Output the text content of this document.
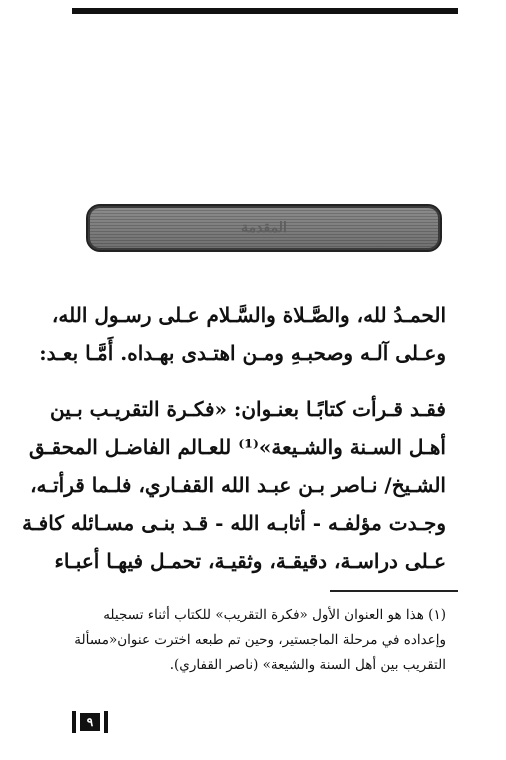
المقدمة
الحمـدُ لله، والصَّـلاة والسَّـلام عـلى رسـول الله،
وعـلى آلـه وصحبـهِ ومـن اهتـدى بهـداه. أَمَّـا بعـد:
فقـد قـرأت كتابًـا بعنـوان: «فكـرة التقريـب بـين
أهـل السـنة والشـيعة»⁽¹⁾ للعـالم الفاضـل المحقـق
الشـيخ/ نـاصر بـن عبـد الله القفـاري، فلـما قرأتـه،
وجـدت مؤلفـه - أثابـه الله - قـد بنـى مسـائله كافـة
عـلى دراسـة، دقيقـة، وثقيـة، تحمـل فيهـا أعبـاء
(١) هذا هو العنوان الأول «فكرة التقريب» للكتاب أثناء تسجيله
وإعداده في مرحلة الماجستير، وحين تم طبعه اخترت عنوان«مسألة
التقريب بين أهل السنة والشيعة» (ناصر القفاري).
٩
